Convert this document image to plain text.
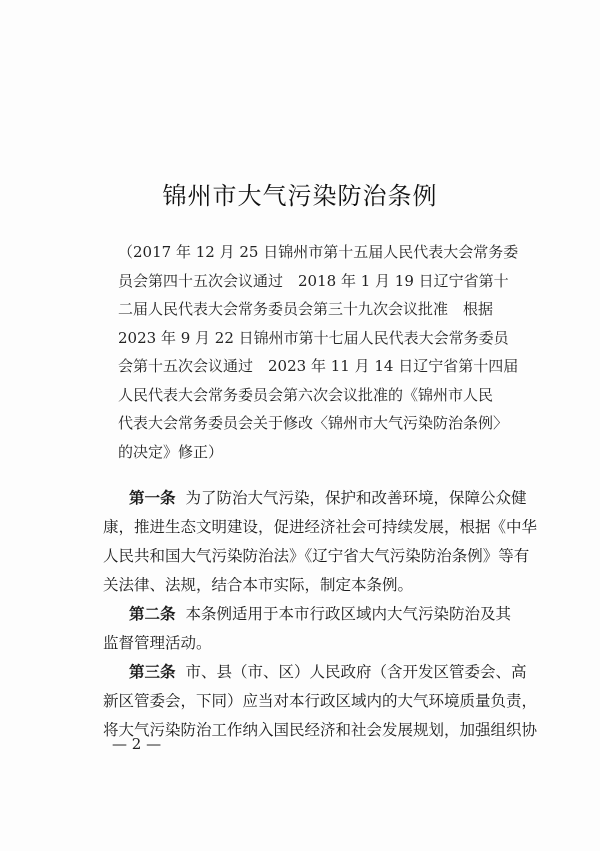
锦州市大气污染防治条例
（2017 年 12 月 25 日锦州市第十五届人民代表大会常务委
员会第四十五次会议通过　2018 年 1 月 19 日辽宁省第十
二届人民代表大会常务委员会第三十九次会议批准　根据
2023 年 9 月 22 日锦州市第十七届人民代表大会常务委员
会第十五次会议通过　2023 年 11 月 14 日辽宁省第十四届
人民代表大会常务委员会第六次会议批准的《锦州市人民
代表大会常务委员会关于修改〈锦州市大气污染防治条例〉
的决定》修正）
第一条 为了防治大气污染，保护和改善环境，保障公众健
康，推进生态文明建设，促进经济社会可持续发展，根据《中华
人民共和国大气污染防治法》《辽宁省大气污染防治条例》等有
关法律、法规，结合本市实际，制定本条例。
第二条 本条例适用于本市行政区域内大气污染防治及其
监督管理活动。
第三条 市、县（市、区）人民政府（含开发区管委会、高
新区管委会，下同）应当对本行政区域内的大气环境质量负责，
将大气污染防治工作纳入国民经济和社会发展规划，加强组织协
— 2 —
